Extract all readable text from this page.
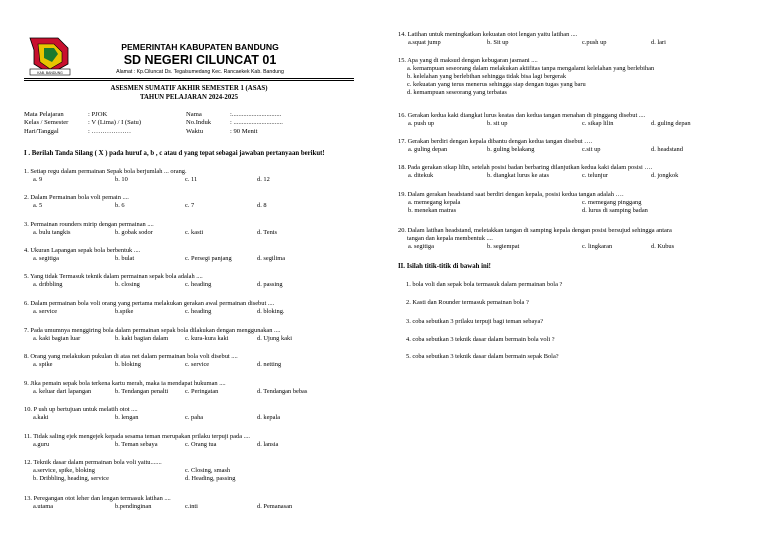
KAB. BANDUNG
PEMERINTAH KABUPATEN BANDUNG
SD NEGERI CILUNCAT 01
Alamat : Kp.Ciluncat Ds. Tegalsumedang Kec. Rancaekek Kab. Bandung
ASESMEN SUMATIF AKHIR SEMESTER 1 (ASAS)
TAHUN PELAJARAN 2024-2025
Mata Pelajaran	: PJOK
Kelas / Semester	: V (Lima) / I (Satu)
Hari/Tanggal	: ………………
Nama	:..............................
No.Induk	: ..............................
Waktu	: 90 Menit
I . Berilah Tanda Silang ( X ) pada huruf a, b , c atau d yang tepat sebagai jawaban pertanyaan berikut!
1. Setiap regu dalam permainan Sepak bola berjumlah ... orang.
a. 9	b. 10	c. 11	d. 12
2. Dalam Permainan bola voli pemain ....
a. 5	b. 6	c. 7	d. 8
3. Permainan rounders mirip dengan permainan ....
a. bulu tangkis	b. gobak sodor	c. kasti	d. Tenis
4. Ukuran Lapangan sepak bola berbentuk ....
a. segitiga	b. bulat	c. Persegi panjang	d. segilima
5. Yang tidak Termasuk teknik dalam permainan sepak bola adalah ....
a. dribbling	b. closing	c. heading	d. passing
6. Dalam permainan bola voli orang yang pertama melakukan gerakan awal permainan disebut ....
a. service	b.spike	c. heading	d. bloking.
7. Pada umumnya menggiring bola dalam permainan sepak bola dilakukan dengan menggunakan ....
a. kaki bagian luar	b. kaki bagian dalam	c. kura-kura kaki	d. Ujung kaki
8. Orang yang melakukan pukulan di atas net dalam permainan bola voli disebut ....
a. spike	b. bloking	c. service	d. netting
9. Jika pemain sepak bola terkena kartu merah, maka ia mendapat hukuman ....
a. keluar dari lapangan	b. Tendangan penalti	c. Peringatan	d. Tendangan bebas
10. P ush up bertujuan untuk melatih otot ....
a.kaki	b. lengan	c. paha	d. kepala
11. Tidak saling ejek mengejek kepada sesama teman merupakan prilaku terpuji pada ....
a.guru	b. Teman sebaya	c. Orang tua	d. lansia
12. Teknik dasar dalam permainan bola voli yaitu.......
a.service, spike, bloking	c. Closing, smash
b. Dribbling, heading, service	d. Heading, passing
13. Peregangan otot leher dan lengan termasuk latihan ....
a.utama	b.pendinginan	c.inti	d. Pemanasan
14. Latihan untuk meningkatkan kekuatan otot lengan yaitu latihan ....
a.squat jump	b. Sit up	c.push up	d. lari
15. Apa yang di maksud dengan kebugaran jasmani ....
a. kemampuan seseorang dalam melakukan aktifitas tanpa mengalami kelelahan yang berlebihan
b. kelelahan yang berlebihan sehingga tidak bisa lagi bergerak
c. kekuatan yang terus menerus sehingga siap dengan tugas yang baru
d. kemampuan seseorang yang terbatas
16. Gerakan kedua kaki diangkat lurus keatas dan kedua tangan menahan di pinggang disebut ....
a. push up	b. sit up	c. sikap lilin	d. guling depan
17. Gerakan berdiri dengan kepala dibantu dengan kedua tangan disebut ….
a. guling depan	b. guling belakang	c.sit up	d. headstand
18. Pada gerakan sikap lilin, setelah posisi badan berbaring dilanjutkan kedua kaki dalam posisi ….
a. ditekuk	b. diangkat lurus ke atas	c. telunjur	d. jongkok
19. Dalam gerakan headstand saat berdiri dengan kepala, posisi kedua tangan adalah ….
a. memegang kepala	c. memegang pinggang
b. menekan matras	d. lurus di samping badan
20. Dalam latihan headstand, meletakkan tangan di samping kepala dengan posisi bersujud sehingga antara
tangan dan kepala membentuk ....
a. segitiga	b. segiempat	c. lingkaran	d. Kubus
II. Isilah titik-titik di bawah ini!
1. bola voli dan sepak bola termasuk dalam permainan bola ?
2. Kasti dan Rounder termasuk pemainan bola ?
3. coba sebutkan 3 prilaku terpuji bagi teman sebaya?
4. coba sebutkan 3 teknik dasar dalam bermain bola voli ?
5. coba sebutkan 3 teknik dasar dalam bermain sepak Bola?
